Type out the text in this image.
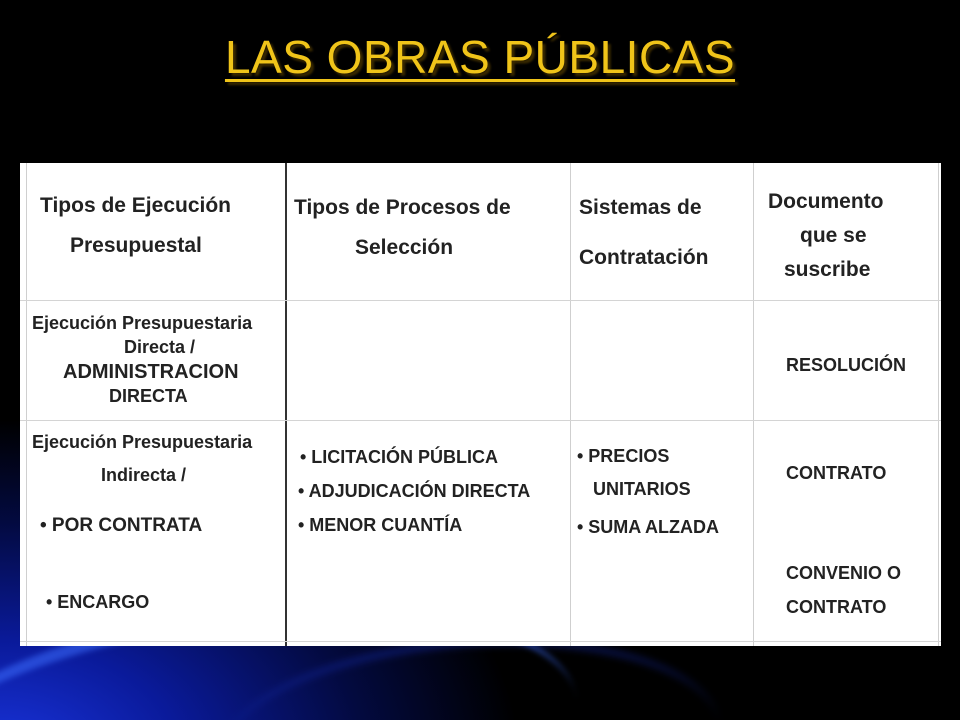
LAS OBRAS PÚBLICAS
Tipos de Ejecución
Presupuestal
Tipos de Procesos de
Selección
Sistemas de
Contratación
Documento
que se
suscribe
Ejecución Presupuestaria
Directa /
ADMINISTRACION
DIRECTA
RESOLUCIÓN
Ejecución Presupuestaria
Indirecta /
• POR CONTRATA
• ENCARGO
• LICITACIÓN PÚBLICA
• ADJUDICACIÓN DIRECTA
• MENOR CUANTÍA
• PRECIOS
UNITARIOS
• SUMA ALZADA
CONTRATO
CONVENIO O
CONTRATO
